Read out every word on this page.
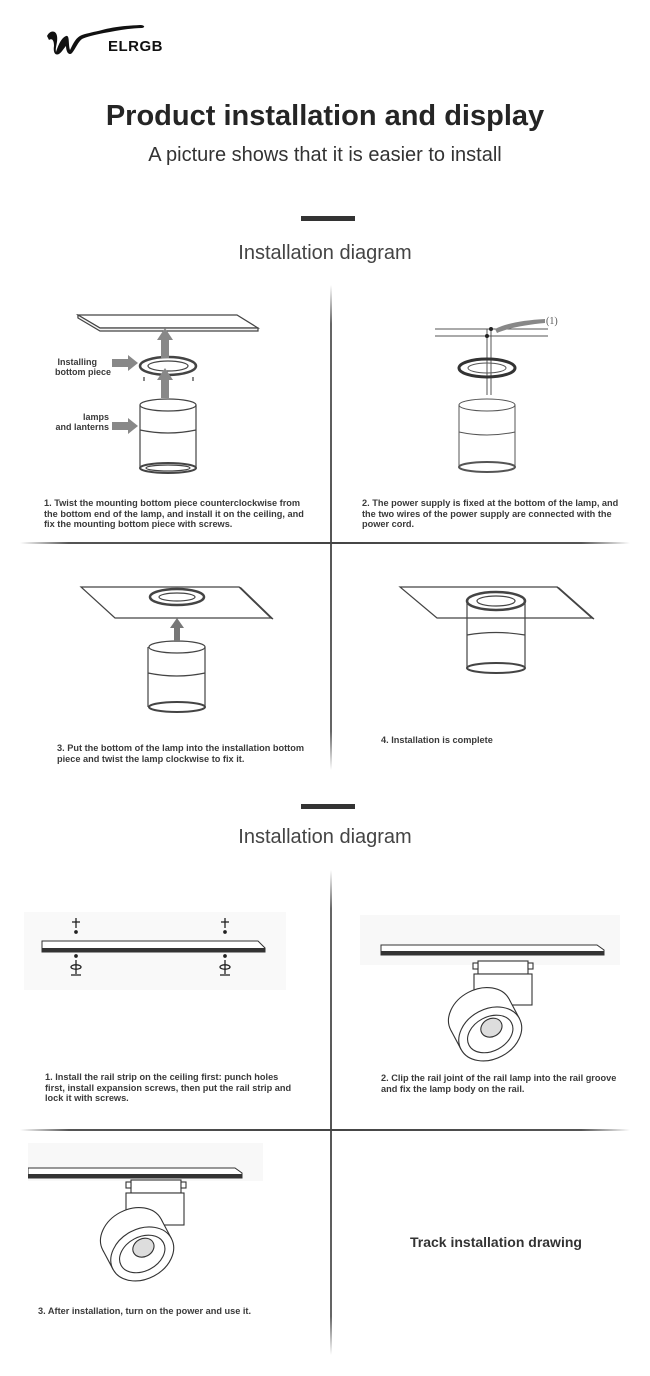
ELRGB
Product installation and display
A picture shows that it is easier to install
Installation diagram
Installing
bottom piece
lamps
and lanterns
1. Twist the mounting bottom piece counterclockwise from the bottom end of the lamp, and install it on the ceiling, and fix the mounting bottom piece with screws.
(1)
2. The power supply is fixed at the bottom of the lamp, and the two wires of the power supply are connected with the power cord.
3. Put the bottom of the lamp into the installation bottom piece and twist the lamp clockwise to fix it.
4. Installation is complete
Installation diagram
1. Install the rail strip on the ceiling first: punch holes first, install expansion screws, then put the rail strip and lock it with screws.
2. Clip the rail joint of the rail lamp into the rail groove and fix the lamp body on the rail.
3. After installation, turn on the power and use it.
Track installation drawing
